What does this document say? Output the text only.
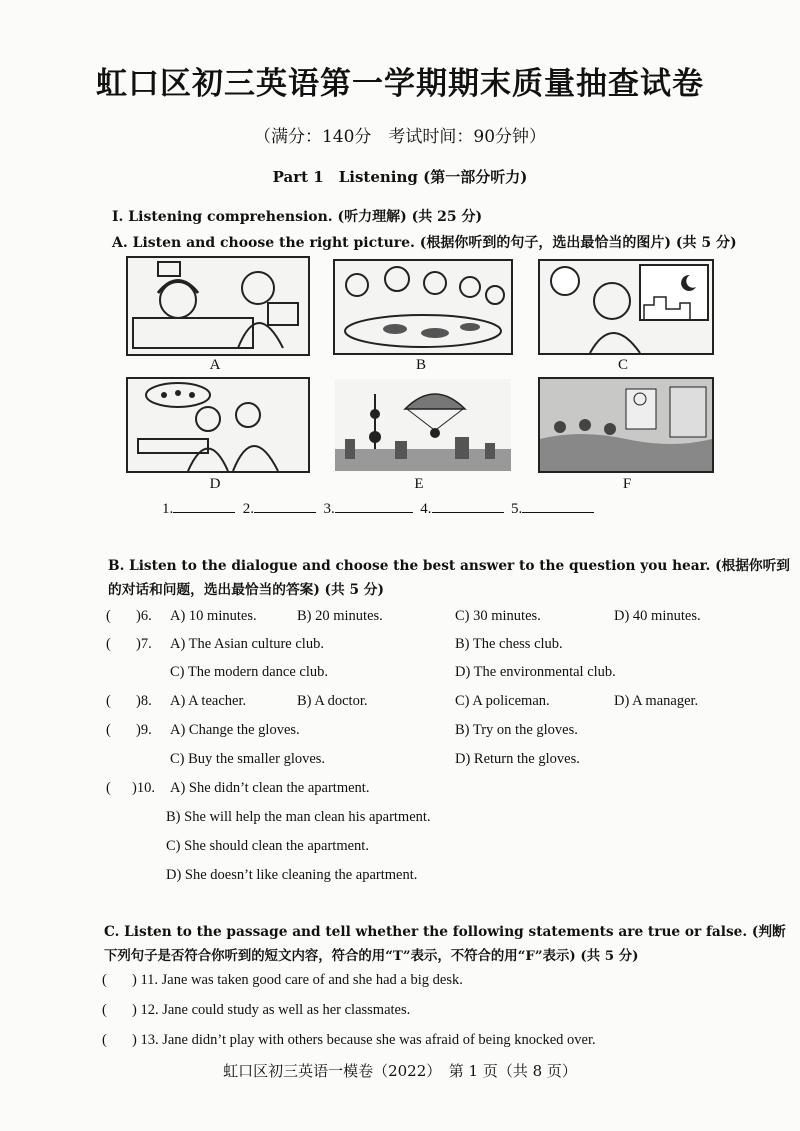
虹口区初三英语第一学期期末质量抽查试卷
（满分：140分　考试时间：90分钟）
Part 1　Listening (第一部分听力)
I. Listening comprehension. (听力理解) (共 25 分)
A. Listen and choose the right picture. (根据你听到的句子，选出最恰当的图片) (共 5 分)
A	B	C
D	E	F
1.	2.	3.	4.	5.
B. Listen to the dialogue and choose the best answer to the question you hear. (根据你听到
的对话和问题，选出最恰当的答案) (共 5 分)
( )6. A) 10 minutes.	B) 20 minutes.	C) 30 minutes.	D) 40 minutes.
( )7. A) The Asian culture club.	B) The chess club.
C) The modern dance club.	D) The environmental club.
( )8. A) A teacher.	B) A doctor.	C) A policeman.	D) A manager.
( )9. A) Change the gloves.	B) Try on the gloves.
C) Buy the smaller gloves.	D) Return the gloves.
( )10. A) She didn’t clean the apartment.
B) She will help the man clean his apartment.
C) She should clean the apartment.
D) She doesn’t like cleaning the apartment.
C. Listen to the passage and tell whether the following statements are true or false. (判断
下列句子是否符合你听到的短文内容，符合的用“T”表示，不符合的用“F”表示) (共 5 分)
( ) 11. Jane was taken good care of and she had a big desk.
( ) 12. Jane could study as well as her classmates.
( ) 13. Jane didn’t play with others because she was afraid of being knocked over.
虹口区初三英语一模卷（2022）　第 1 页（共 8 页）
